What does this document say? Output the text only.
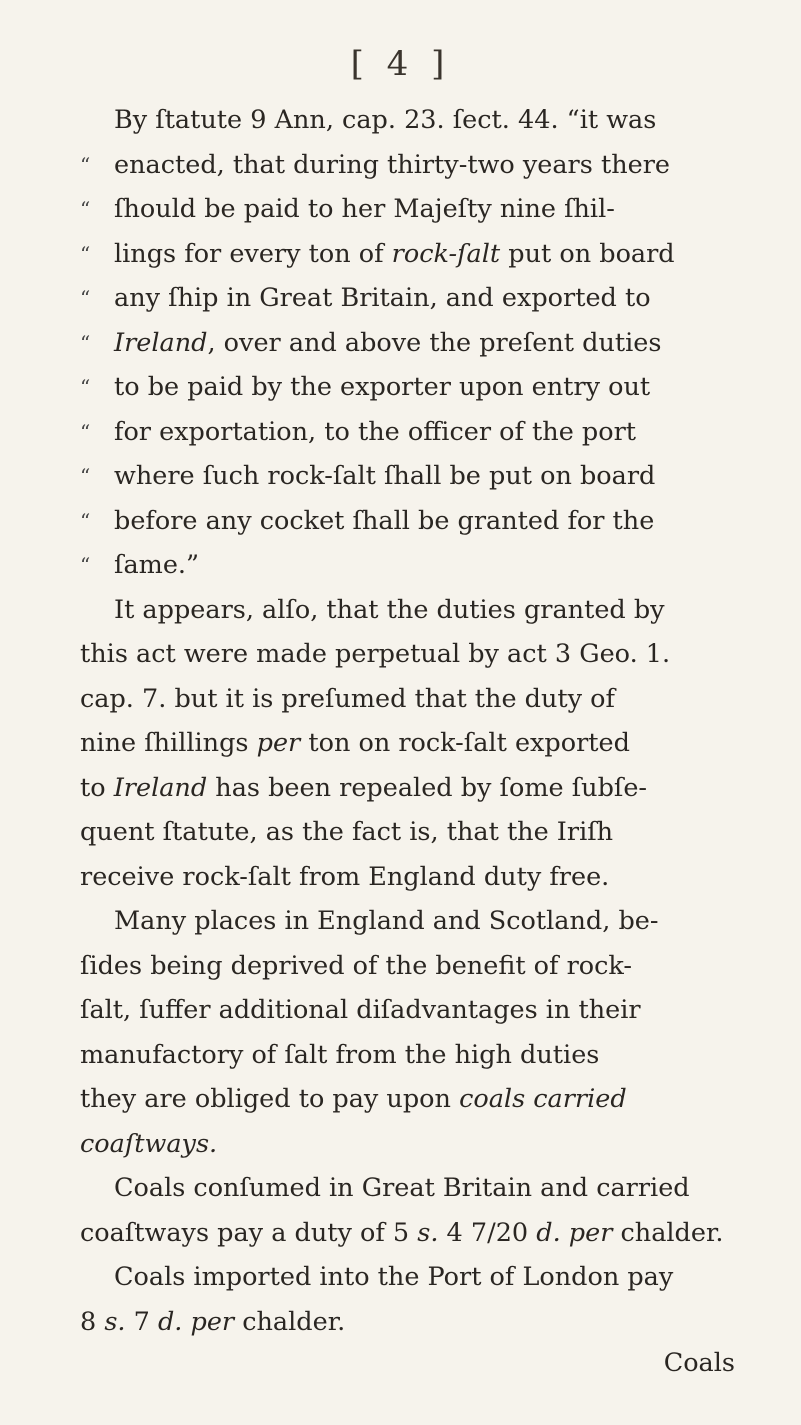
[ 4 ]
By ſtatute 9 Ann, cap. 23. ſect. 44. “it was
“ enacted, that during thirty-two years there
“ ſhould be paid to her Majeſty nine ſhil-
“ lings for every ton of rock-ſalt put on board
“ any ſhip in Great Britain, and exported to
“ Ireland, over and above the preſent duties
“ to be paid by the exporter upon entry out
“ for exportation, to the officer of the port
“ where ſuch rock-ſalt ſhall be put on board
“ before any cocket ſhall be granted for the
“ ſame.”
It appears, alſo, that the duties granted by
this act were made perpetual by act 3 Geo. 1.
cap. 7. but it is preſumed that the duty of
nine ſhillings per ton on rock-ſalt exported
to Ireland has been repealed by ſome ſubſe-
quent ſtatute, as the fact is, that the Iriſh
receive rock-ſalt from England duty free.
Many places in England and Scotland, be-
ſides being deprived of the benefit of rock-
ſalt, ſuffer additional diſadvantages in their
manufactory of ſalt from the high duties
they are obliged to pay upon coals carried
coaſtways.
Coals conſumed in Great Britain and carried
coaſtways pay a duty of 5 s. 4 7/20 d. per chalder.
Coals imported into the Port of London pay
8 s. 7 d. per chalder.
Coals
